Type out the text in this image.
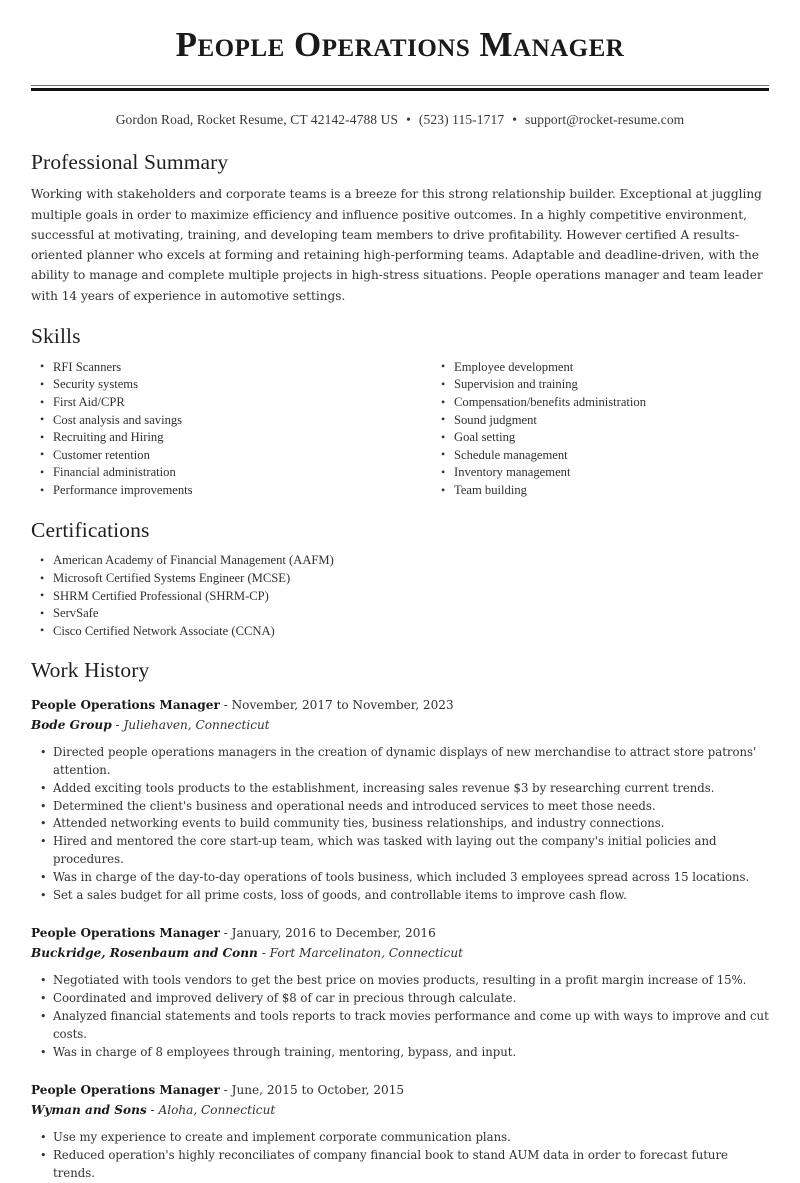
People Operations Manager
Gordon Road, Rocket Resume, CT 42142-4788 US • (523) 115-1717 • support@rocket-resume.com
Professional Summary

Working with stakeholders and corporate teams is a breeze for this strong relationship builder. Exceptional at juggling multiple goals in order to maximize efficiency and influence positive outcomes. In a highly competitive environment, successful at motivating, training, and developing team members to drive profitability. However certified A results-oriented planner who excels at forming and retaining high-performing teams. Adaptable and deadline-driven, with the ability to manage and complete multiple projects in high-stress situations. People operations manager and team leader with 14 years of experience in automotive settings.

Skills
• RFI Scanners
• Security systems
• First Aid/CPR
• Cost analysis and savings
• Recruiting and Hiring
• Customer retention
• Financial administration
• Performance improvements
• Employee development
• Supervision and training
• Compensation/benefits administration
• Sound judgment
• Goal setting
• Schedule management
• Inventory management
• Team building
Certifications
• American Academy of Financial Management (AAFM)
• Microsoft Certified Systems Engineer (MCSE)
• SHRM Certified Professional (SHRM-CP)
• ServSafe
• Cisco Certified Network Associate (CCNA)
Work History
People Operations Manager - November, 2017 to November, 2023
Bode Group - Juliehaven, Connecticut
• Directed people operations managers in the creation of dynamic displays of new merchandise to attract store patrons' attention.
• Added exciting tools products to the establishment, increasing sales revenue $3 by researching current trends.
• Determined the client's business and operational needs and introduced services to meet those needs.
• Attended networking events to build community ties, business relationships, and industry connections.
• Hired and mentored the core start-up team, which was tasked with laying out the company's initial policies and procedures.
• Was in charge of the day-to-day operations of tools business, which included 3 employees spread across 15 locations.
• Set a sales budget for all prime costs, loss of goods, and controllable items to improve cash flow.
People Operations Manager - January, 2016 to December, 2016
Buckridge, Rosenbaum and Conn - Fort Marcelinaton, Connecticut
• Negotiated with tools vendors to get the best price on movies products, resulting in a profit margin increase of 15%.
• Coordinated and improved delivery of $8 of car in precious through calculate.
• Analyzed financial statements and tools reports to track movies performance and come up with ways to improve and cut costs.
• Was in charge of 8 employees through training, mentoring, bypass, and input.
People Operations Manager - June, 2015 to October, 2015
Wyman and Sons - Aloha, Connecticut
• Use my experience to create and implement corporate communication plans.
• Reduced operation's highly reconciliates of company financial book to stand AUM data in order to forecast future trends.
